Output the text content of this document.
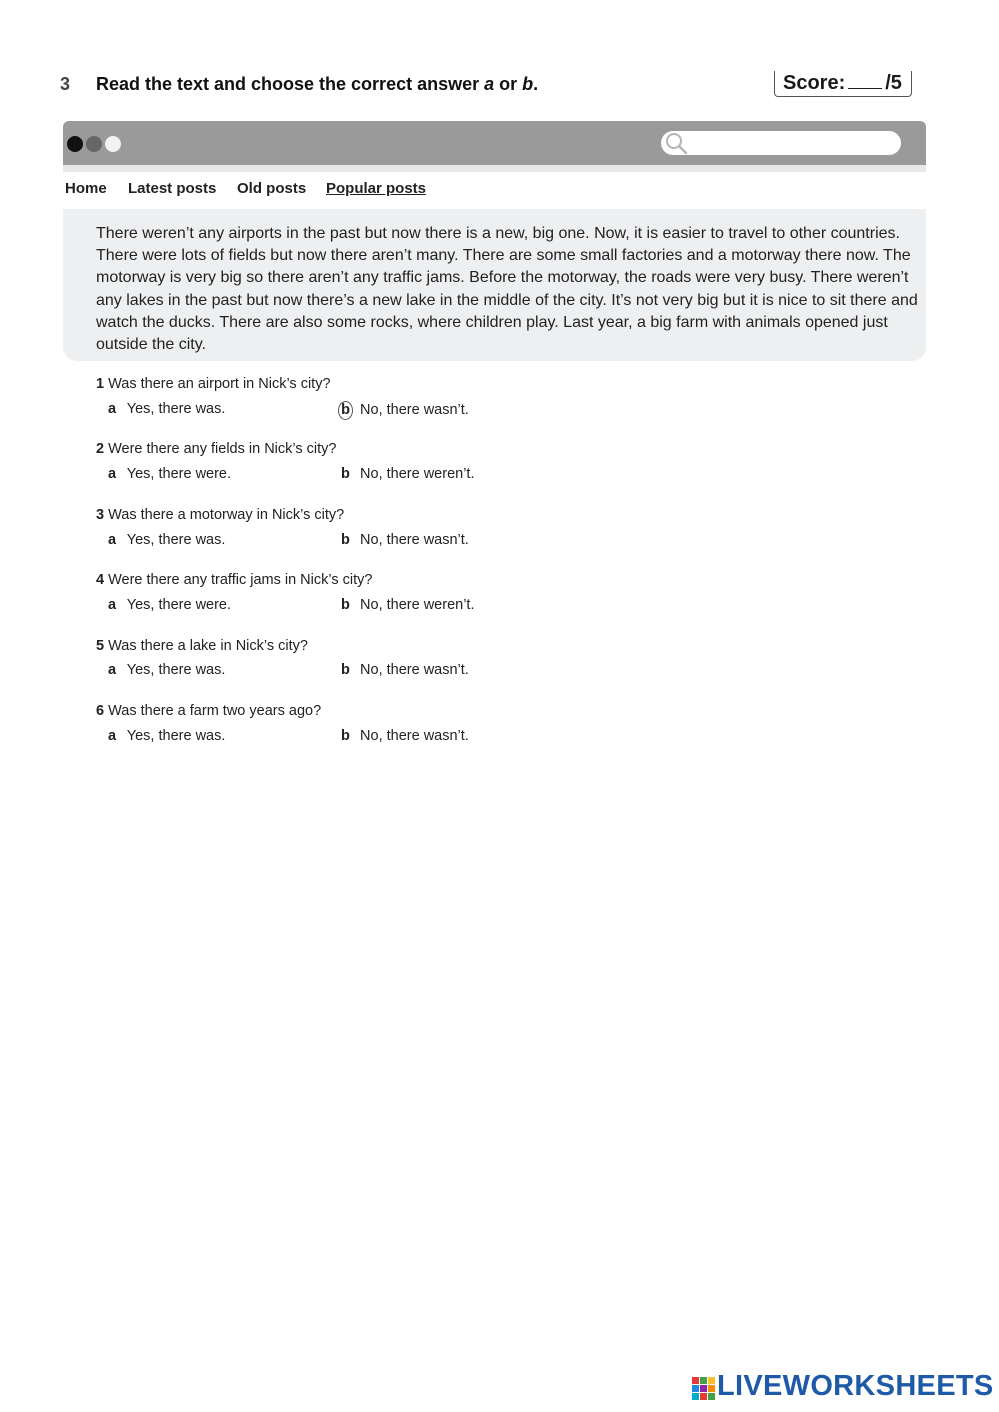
3 Read the text and choose the correct answer a or b.	Score: /5
Home Latest posts Old posts Popular posts

There weren’t any airports in the past but now there is a new, big one. Now, it is easier to travel to other countries. There were lots of fields but now there aren’t many. There are some small factories and a motorway there now. The motorway is very big so there aren’t any traffic jams. Before the motorway, the roads were very busy. There weren’t any lakes in the past but now there’s a new lake in the middle of the city. It’s not very big but it is nice to sit there and watch the ducks. There are also some rocks, where children play. Last year, a big farm with animals opened just outside the city.

1 Was there an airport in Nick’s city?
a Yes, there was.	b No, there wasn’t.
2 Were there any fields in Nick’s city?
a Yes, there were.	b No, there weren’t.
3 Was there a motorway in Nick’s city?
a Yes, there was.	b No, there wasn’t.
4 Were there any traffic jams in Nick’s city?
a Yes, there were.	b No, there weren’t.
5 Was there a lake in Nick’s city?
a Yes, there was.	b No, there wasn’t.
6 Was there a farm two years ago?
a Yes, there was.	b No, there wasn’t.
LIVEWORKSHEETS
